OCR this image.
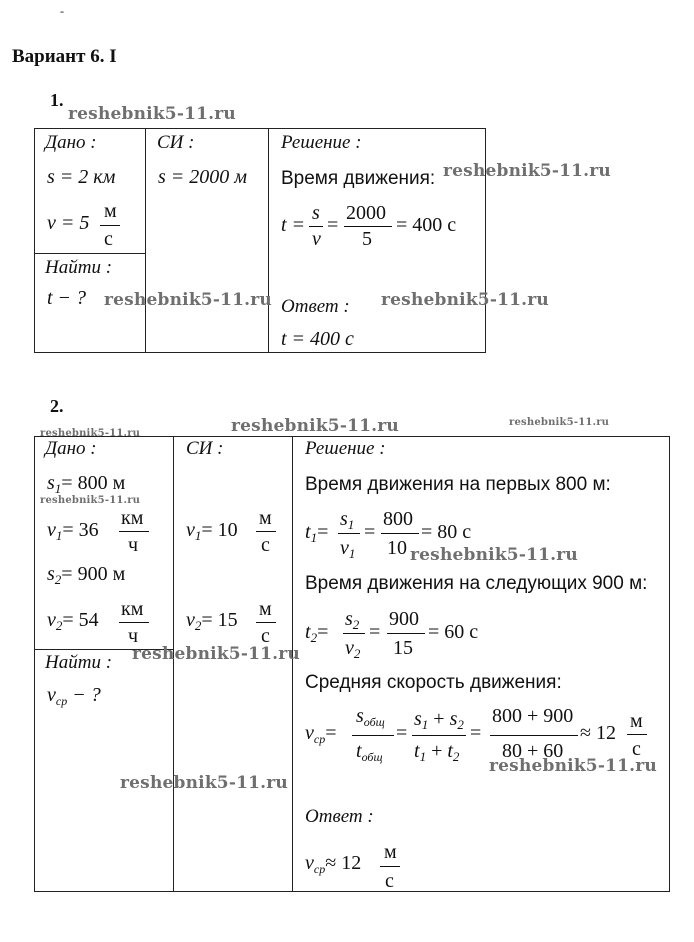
-
Вариант 6. I
1.
Дано :
s = 2 км
v = 5
м
с
Найти :
t − ?
СИ :
s = 2000 м
Решение :
Время движения:
t =
s
v
=
2000
5
= 400 с
Ответ :
t = 400 с
2.
Дано :
$s_1= 800$ м
$v_1= 36$
км
ч
$s_2= 900$ м
$v_2= 54$ км
ч
Найти :
$v_{ср}$ − ?
СИ :
$v_1= 10$
м
с
$v_2= 15$ м
с
Решение :
Время движения на первых 800 м:
$t_1=$
$s_1$
$v_1$
=
800
10
= 80 с
Время движения на следующих 900 м:
$t_2=$
$s_2$
$v_2$
=
900
15
= 60 с
Средняя скорость движения:
$v_{ср}=$
$s_{общ}$
$t_{общ}$
=
$s_1 + s_2$
$t_1 + t_2$
=
800 + 900
80 + 60
≈ 12
м
с
Ответ :
$v_{ср}\approx 12$ м
с
reshebnik5-11.ru
reshebnik5-11.ru
reshebnik5-11.ru	reshebnik5-11.ru
reshebnik5-11.ru	reshebnik5-11.ru
reshebnik5-11.ru
reshebnik5-11.ru
reshebnik5-11.ru
reshebnik5-11.ru
reshebnik5-11.ru
reshebnik5-11.ru
